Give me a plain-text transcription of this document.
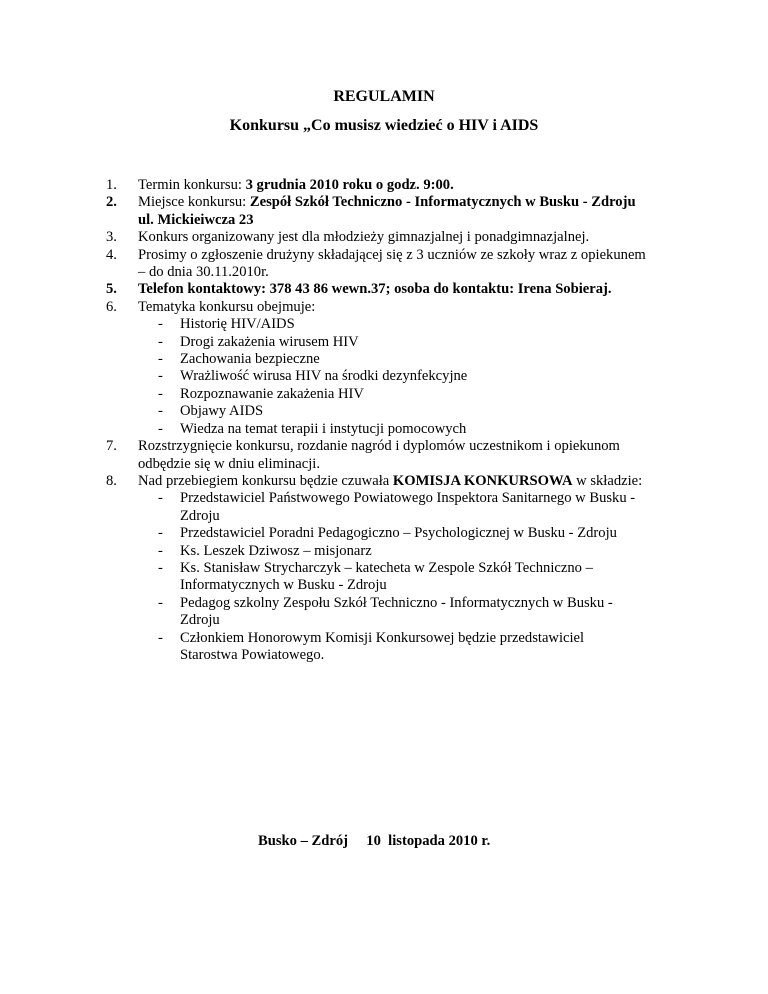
REGULAMIN
Konkursu „Co musisz wiedzieć o HIV i AIDS
1.	Termin konkursu: 3 grudnia 2010 roku o godz. 9:00.
2.	Miejsce konkursu: Zespół Szkół Techniczno - Informatycznych w Busku - Zdroju
ul. Mickieiwcza 23
3.	Konkurs organizowany jest dla młodzieży gimnazjalnej i ponadgimnazjalnej.
4.	Prosimy o zgłoszenie drużyny składającej się z 3 uczniów ze szkoły wraz z opiekunem
– do dnia 30.11.2010r.
5.	Telefon kontaktowy: 378 43 86 wewn.37; osoba do kontaktu: Irena Sobieraj.
6.	Tematyka konkursu obejmuje:
- Historię HIV/AIDS
- Drogi zakażenia wirusem HIV
- Zachowania bezpieczne
- Wrażliwość wirusa HIV na środki dezynfekcyjne
- Rozpoznawanie zakażenia HIV
- Objawy AIDS
- Wiedza na temat terapii i instytucji pomocowych
7.	Rozstrzygnięcie konkursu, rozdanie nagród i dyplomów uczestnikom i opiekunom
odbędzie się w dniu eliminacji.
8.	Nad przebiegiem konkursu będzie czuwała KOMISJA KONKURSOWA w składzie:
- Przedstawiciel Państwowego Powiatowego Inspektora Sanitarnego w Busku -
Zdroju
- Przedstawiciel Poradni Pedagogiczno – Psychologicznej w Busku - Zdroju
- Ks. Leszek Dziwosz – misjonarz
- Ks. Stanisław Strycharczyk – katecheta w Zespole Szkół Techniczno –
Informatycznych w Busku - Zdroju
- Pedagog szkolny Zespołu Szkół Techniczno - Informatycznych w Busku -
Zdroju
- Członkiem Honorowym Komisji Konkursowej będzie przedstawiciel
Starostwa Powiatowego.
Busko – Zdrój 10  listopada 2010 r.
